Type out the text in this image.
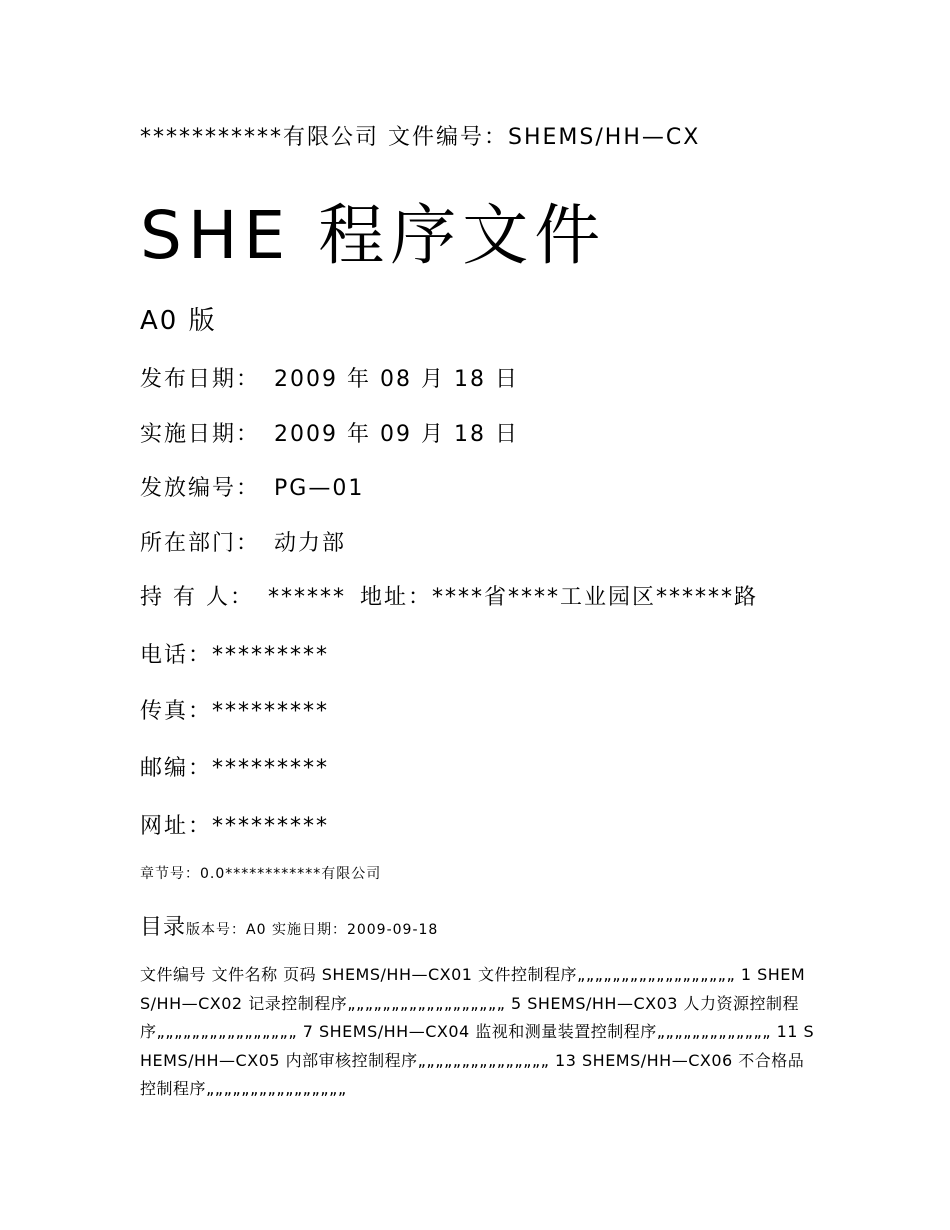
***********有限公司 文件编号：SHEMS/HH—CX
SHE 程序文件
A0 版
发布日期： 2009 年 08 月 18 日
实施日期： 2009 年 09 月 18 日
发放编号： PG—01
所在部门： 动力部
持 有 人： ****** 地址：****省****工业园区******路
电话：*********
传真：*********
邮编：*********
网址：*********
章节号：0.0************有限公司
目录版本号：A0 实施日期：2009-09-18
文件编号 文件名称 页码 SHEMS/HH—CX01 文件控制程序„„„„„„„„„„„„„„„„„„ 1 SHEMS/HH—CX02 记录控制程序„„„„„„„„„„„„„„„„„„ 5 SHEMS/HH—CX03 人力资源控制程序„„„„„„„„„„„„„„„„ 7 SHEMS/HH—CX04 监视和测量装置控制程序„„„„„„„„„„„„„ 11 SHEMS/HH—CX05 内部审核控制程序„„„„„„„„„„„„„„„ 13 SHEMS/HH—CX06 不合格品控制程序„„„„„„„„„„„„„„„„
